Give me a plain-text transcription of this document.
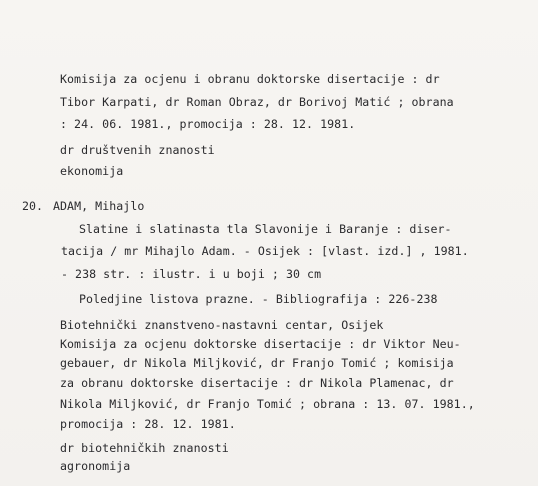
Komisija za ocjenu i obranu doktorske disertacije : dr
Tibor Karpati, dr Roman Obraz, dr Borivoj Matić ; obrana
: 24. 06. 1981., promocija : 28. 12. 1981.
dr društvenih znanosti
ekonomija
20. ADAM, Mihajlo
Slatine i slatinasta tla Slavonije i Baranje : diser-
tacija / mr Mihajlo Adam. - Osijek : [vlast. izd.] , 1981.
- 238 str. : ilustr. i u boji ; 30 cm
Poledjine listova prazne. - Bibliografija : 226-238
Biotehnički znanstveno-nastavni centar, Osijek
Komisija za ocjenu doktorske disertacije : dr Viktor Neu-
gebauer, dr Nikola Miljković, dr Franjo Tomić ; komisija
za obranu doktorske disertacije : dr Nikola Plamenac, dr
Nikola Miljković, dr Franjo Tomić ; obrana : 13. 07. 1981.,
promocija : 28. 12. 1981.
dr biotehničkih znanosti
agronomija
